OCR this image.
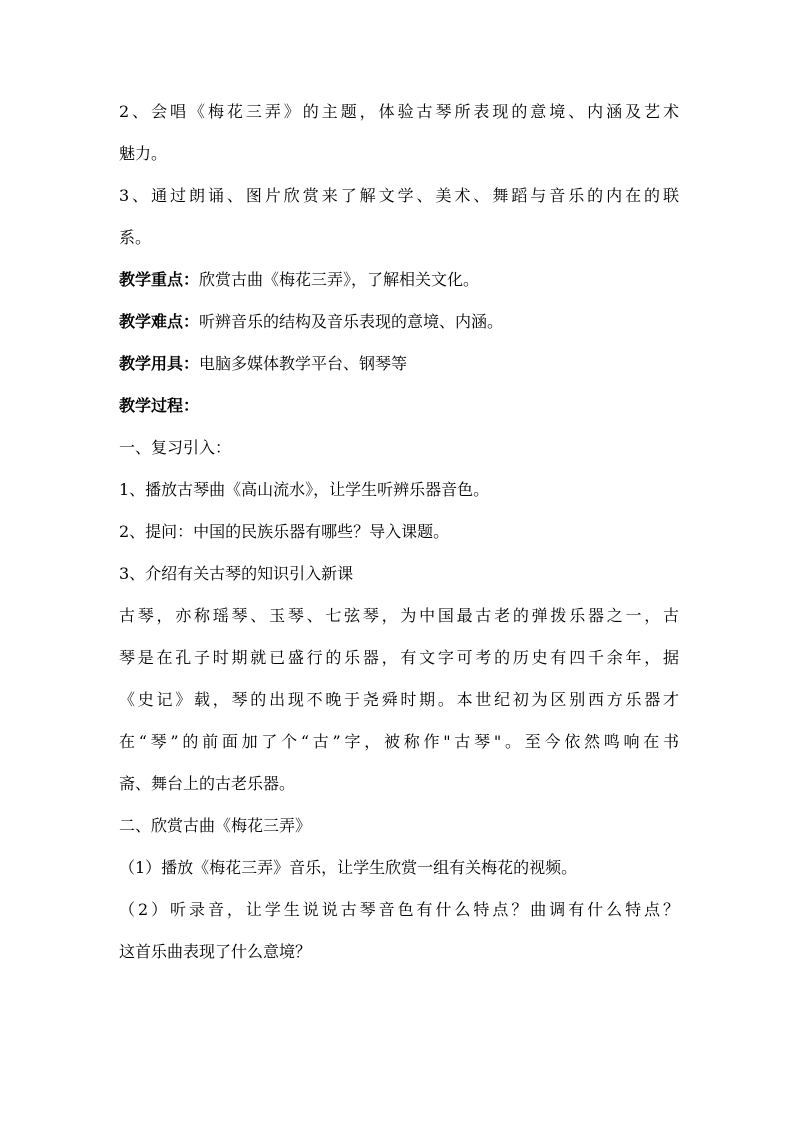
2、会唱《梅花三弄》的主题，体验古琴所表现的意境、内涵及艺术
魅力。
3、通过朗诵、图片欣赏来了解文学、美术、舞蹈与音乐的内在的联
系。
教学重点：欣赏古曲《梅花三弄》，了解相关文化。
教学难点：听辨音乐的结构及音乐表现的意境、内涵。
教学用具：电脑多媒体教学平台、钢琴等
教学过程：
一、复习引入：
1、播放古琴曲《高山流水》，让学生听辨乐器音色。
2、提问：中国的民族乐器有哪些？导入课题。
3、介绍有关古琴的知识引入新课
古琴，亦称瑶琴、玉琴、七弦琴，为中国最古老的弹拨乐器之一，古
琴是在孔子时期就已盛行的乐器，有文字可考的历史有四千余年，据
《史记》载，琴的出现不晚于尧舜时期。本世纪初为区别西方乐器才
在“琴”的前面加了个“古”字，被称作"古琴"。至今依然鸣响在书
斋、舞台上的古老乐器。
二、欣赏古曲《梅花三弄》
（1）播放《梅花三弄》音乐，让学生欣赏一组有关梅花的视频。
（2）听录音，让学生说说古琴音色有什么特点？曲调有什么特点？
这首乐曲表现了什么意境？
